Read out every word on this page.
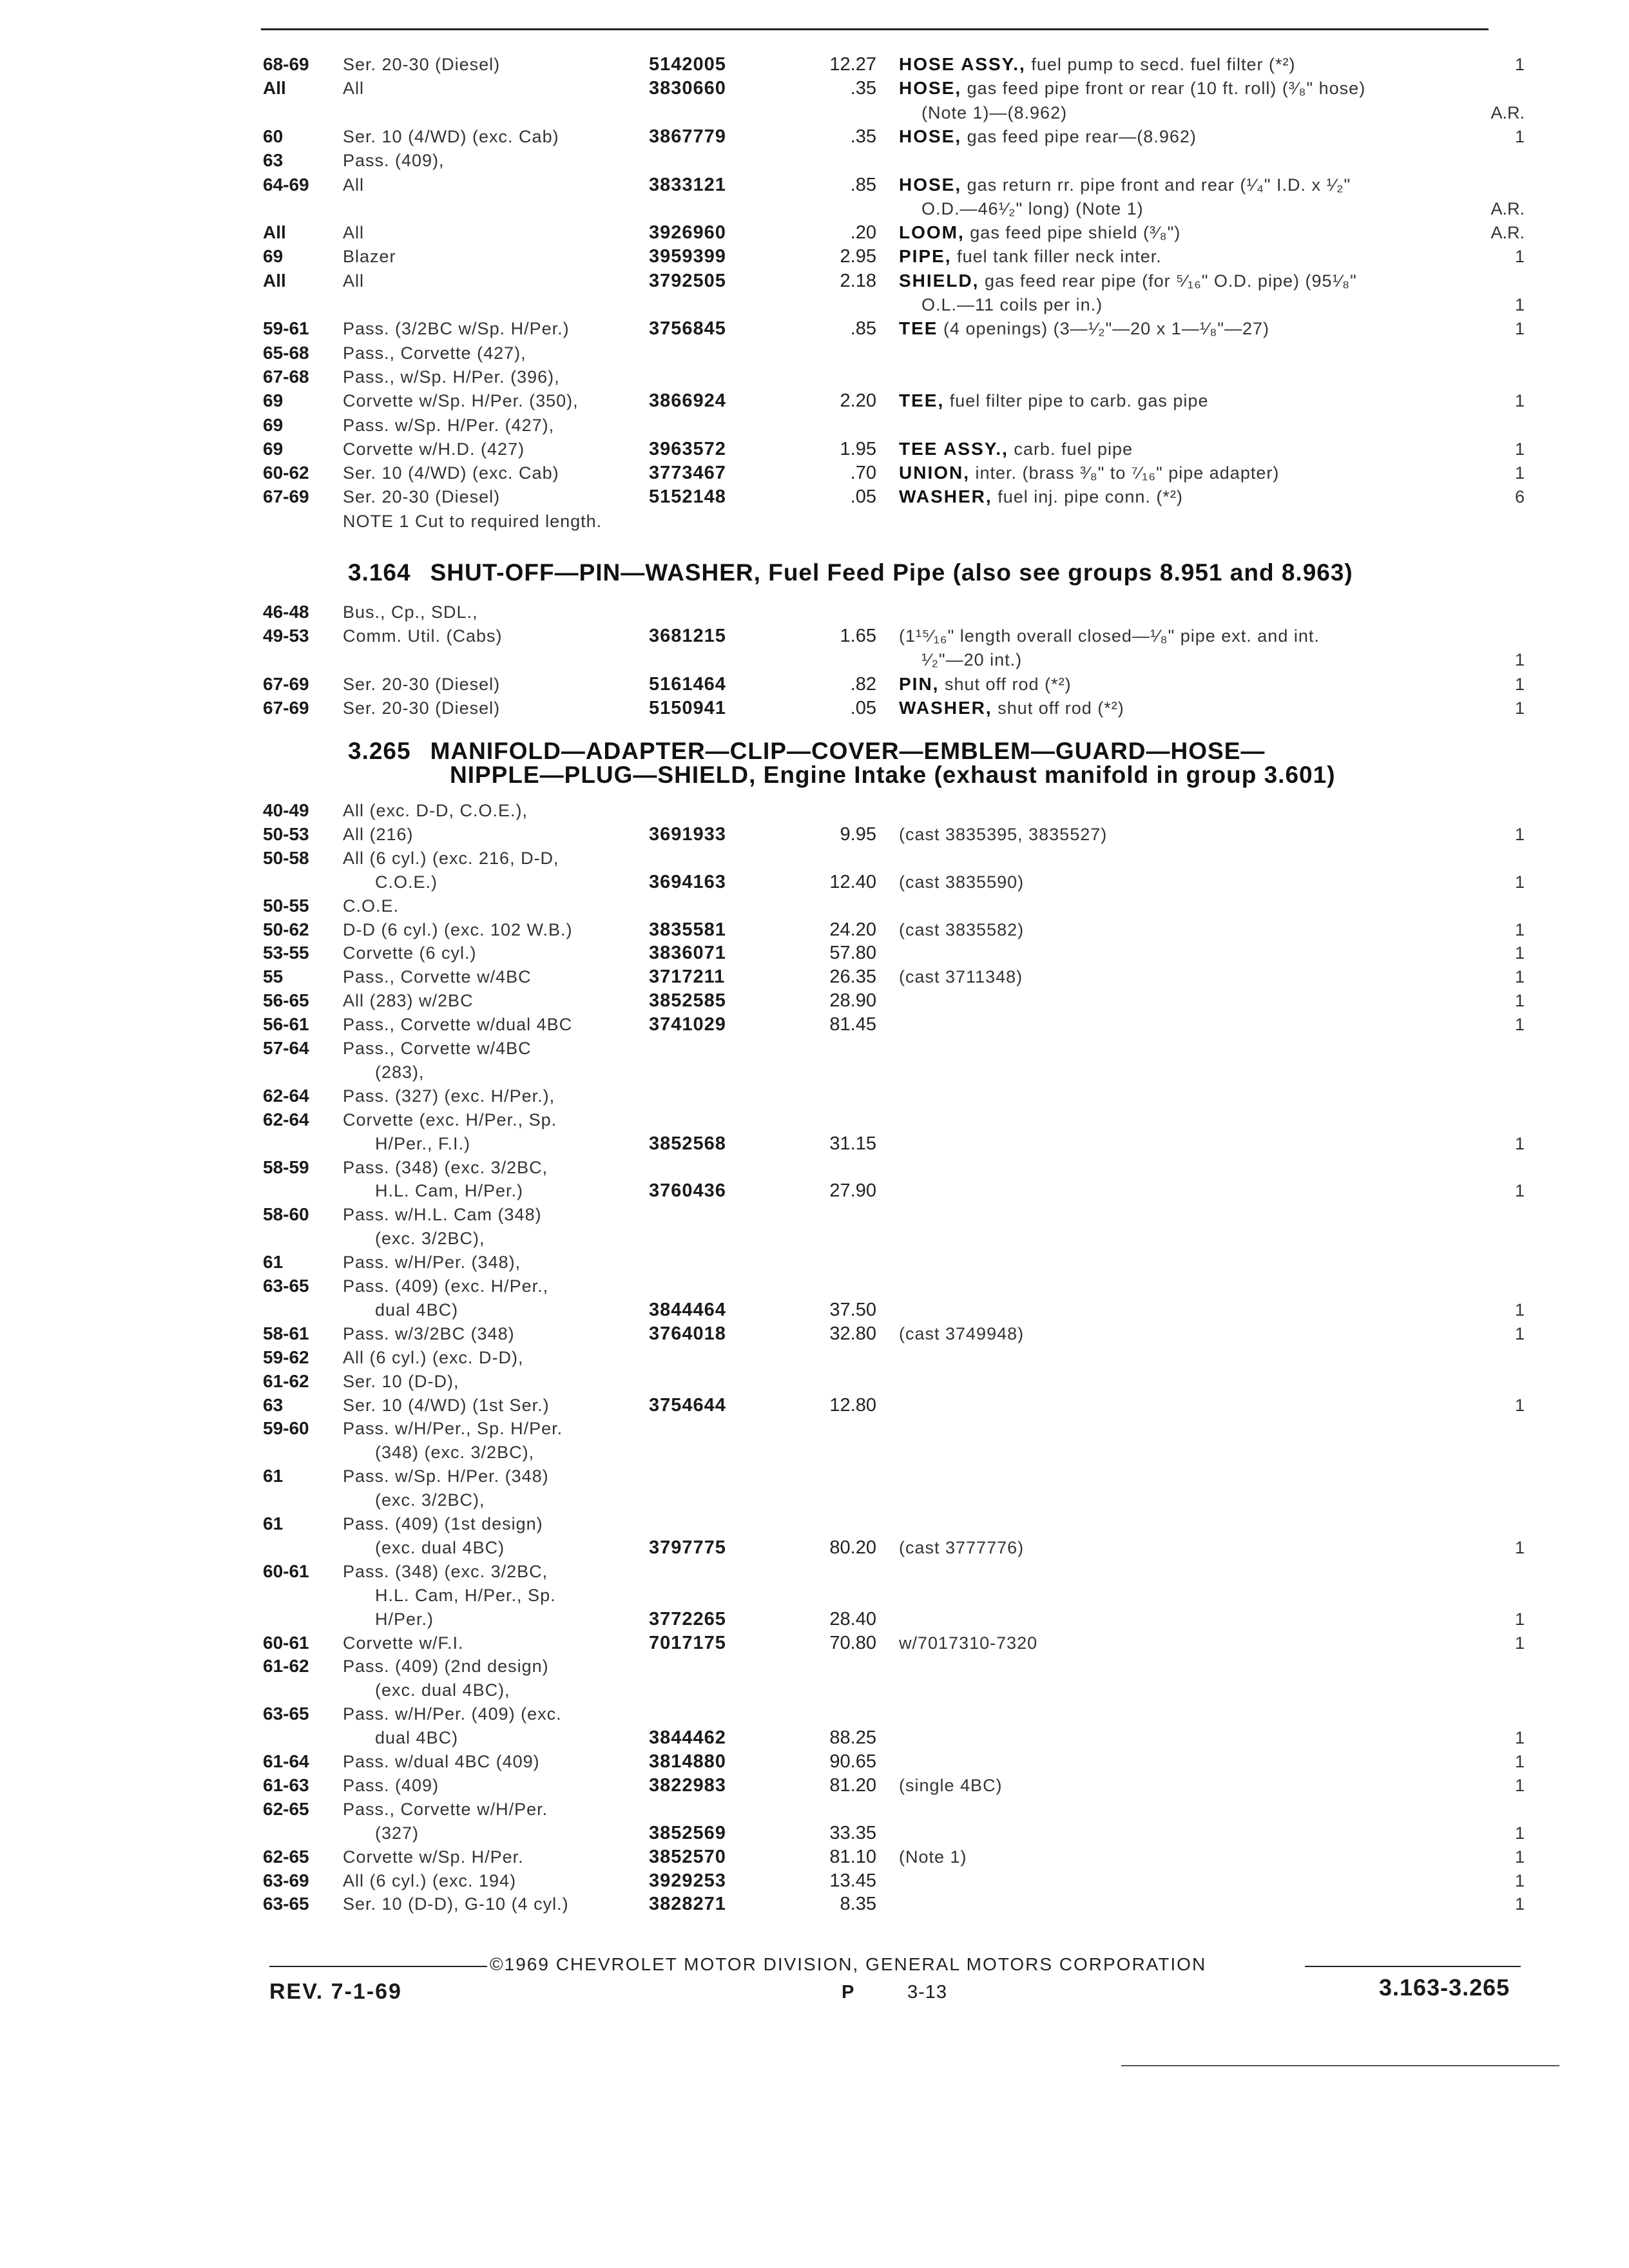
68-69 Ser. 20-30 (Diesel)	5142005	12.27 HOSE ASSY., fuel pump to secd. fuel filter (*²)	1
All	All	3830660	.35 HOSE, gas feed pipe front or rear (10 ft. roll) (³⁄₈" hose)
(Note 1)—(8.962)	A.R.
60	Ser. 10 (4/WD) (exc. Cab)	3867779	.35 HOSE, gas feed pipe rear—(8.962)	1
63	Pass. (409),
64-69 All	3833121	.85 HOSE, gas return rr. pipe front and rear (¹⁄₄" I.D. x ¹⁄₂"
O.D.—46¹⁄₂" long) (Note 1)	A.R.
All	All	3926960	.20 LOOM, gas feed pipe shield (³⁄₈")	A.R.
69	Blazer	3959399	2.95 PIPE, fuel tank filler neck inter.	1
All	All	3792505	2.18 SHIELD, gas feed rear pipe (for ⁵⁄₁₆" O.D. pipe) (95¹⁄₈"
O.L.—11 coils per in.)	1
59-61 Pass. (3/2BC w/Sp. H/Per.)	3756845	.85 TEE (4 openings) (3—¹⁄₂"—20 x 1—¹⁄₈"—27)	1
65-68 Pass., Corvette (427),
67-68 Pass., w/Sp. H/Per. (396),
69	Corvette w/Sp. H/Per. (350),	3866924	2.20 TEE, fuel filter pipe to carb. gas pipe	1
69	Pass. w/Sp. H/Per. (427),
69	Corvette w/H.D. (427)	3963572	1.95 TEE ASSY., carb. fuel pipe	1
60-62 Ser. 10 (4/WD) (exc. Cab)	3773467	.70 UNION, inter. (brass ³⁄₈" to ⁷⁄₁₆" pipe adapter)	1
67-69 Ser. 20-30 (Diesel)	5152148	.05 WASHER, fuel inj. pipe conn. (*²)	6
NOTE 1 Cut to required length.
3.164 SHUT-OFF—PIN—WASHER, Fuel Feed Pipe (also see groups 8.951 and 8.963)
46-48 Bus., Cp., SDL.,
49-53 Comm. Util. (Cabs)	3681215	1.65 (1¹⁵⁄₁₆" length overall closed—¹⁄₈" pipe ext. and int.
¹⁄₂"—20 int.)	1
67-69 Ser. 20-30 (Diesel)	5161464	.82 PIN, shut off rod (*²)	1
67-69 Ser. 20-30 (Diesel)	5150941	.05 WASHER, shut off rod (*²)	1
3.265 MANIFOLD—ADAPTER—CLIP—COVER—EMBLEM—GUARD—HOSE—
NIPPLE—PLUG—SHIELD, Engine Intake (exhaust manifold in group 3.601)
40-49 All (exc. D-D, C.O.E.),
50-53 All (216)	3691933	9.95 (cast 3835395, 3835527)	1
50-58 All (6 cyl.) (exc. 216, D-D,
C.O.E.)	3694163	12.40 (cast 3835590)	1
50-55 C.O.E.
50-62 D-D (6 cyl.) (exc. 102 W.B.)	3835581	24.20 (cast 3835582)	1
53-55 Corvette (6 cyl.)	3836071	57.80	1
55	Pass., Corvette w/4BC	3717211	26.35 (cast 3711348)	1
56-65 All (283) w/2BC	3852585	28.90	1
56-61 Pass., Corvette w/dual 4BC	3741029	81.45	1
57-64 Pass., Corvette w/4BC
(283),
62-64 Pass. (327) (exc. H/Per.),
62-64 Corvette (exc. H/Per., Sp.
H/Per., F.I.)	3852568	31.15	1
58-59 Pass. (348) (exc. 3/2BC,
H.L. Cam, H/Per.)	3760436	27.90	1
58-60 Pass. w/H.L. Cam (348)
(exc. 3/2BC),
61	Pass. w/H/Per. (348),
63-65 Pass. (409) (exc. H/Per.,
dual 4BC)	3844464	37.50	1
58-61 Pass. w/3/2BC (348)	3764018	32.80 (cast 3749948)	1
59-62 All (6 cyl.) (exc. D-D),
61-62 Ser. 10 (D-D),
63	Ser. 10 (4/WD) (1st Ser.)	3754644	12.80	1
59-60 Pass. w/H/Per., Sp. H/Per.
(348) (exc. 3/2BC),
61	Pass. w/Sp. H/Per. (348)
(exc. 3/2BC),
61	Pass. (409) (1st design)
(exc. dual 4BC)	3797775	80.20 (cast 3777776)	1
60-61 Pass. (348) (exc. 3/2BC,
H.L. Cam, H/Per., Sp.
H/Per.)	3772265	28.40	1
60-61 Corvette w/F.I.	7017175	70.80 w/7017310-7320	1
61-62 Pass. (409) (2nd design)
(exc. dual 4BC),
63-65 Pass. w/H/Per. (409) (exc.
dual 4BC)	3844462	88.25	1
61-64 Pass. w/dual 4BC (409)	3814880	90.65	1
61-63 Pass. (409)	3822983	81.20 (single 4BC)	1
62-65 Pass., Corvette w/H/Per.
(327)	3852569	33.35	1
62-65 Corvette w/Sp. H/Per.	3852570	81.10 (Note 1)	1
63-69 All (6 cyl.) (exc. 194)	3929253	13.45	1
63-65 Ser. 10 (D-D), G-10 (4 cyl.)	3828271	8.35	1
©1969 CHEVROLET MOTOR DIVISION, GENERAL MOTORS CORPORATION
REV. 7-1-69	P	3-13	3.163-3.265
